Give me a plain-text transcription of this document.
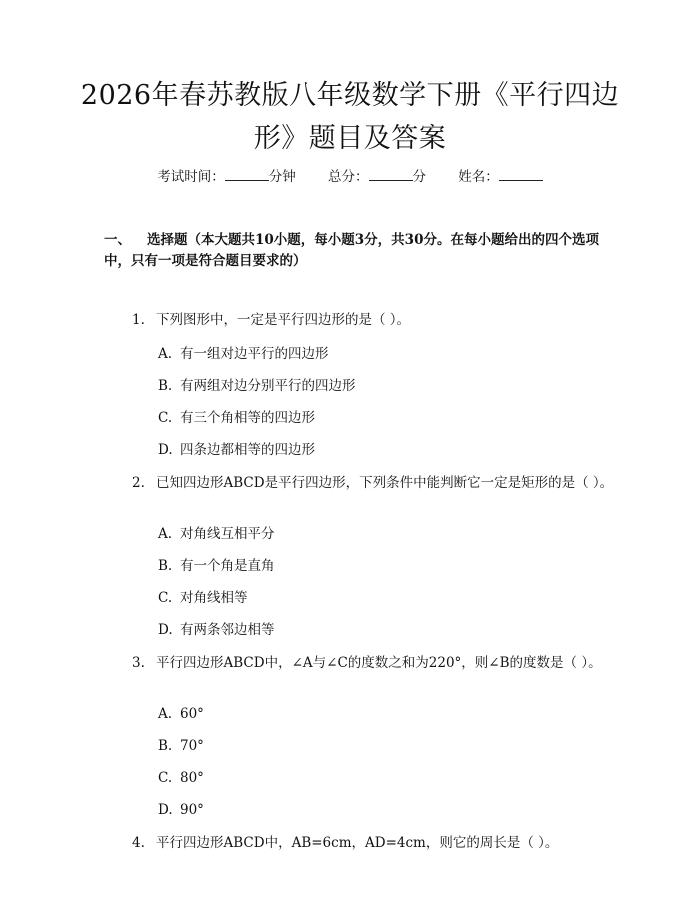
2026年春苏教版八年级数学下册《平行四边
形》题目及答案
考试时间：	分钟 总分：	分 姓名：
一、 选择题（本大题共10小题，每小题3分，共30分。在每小题给出的四个选项中，只有一项是符合题目要求的）
1. 下列图形中，一定是平行四边形的是（ ）。
A. 有一组对边平行的四边形
B. 有两组对边分别平行的四边形
C. 有三个角相等的四边形
D. 四条边都相等的四边形
2. 已知四边形ABCD是平行四边形，下列条件中能判断它一定是矩形的是（ ）。
A. 对角线互相平分
B. 有一个角是直角
C. 对角线相等
D. 有两条邻边相等
3. 平行四边形ABCD中，∠A与∠C的度数之和为220°，则∠B的度数是（ ）。
A. 60°
B. 70°
C. 80°
D. 90°
4. 平行四边形ABCD中，AB=6cm，AD=4cm，则它的周长是（ ）。
